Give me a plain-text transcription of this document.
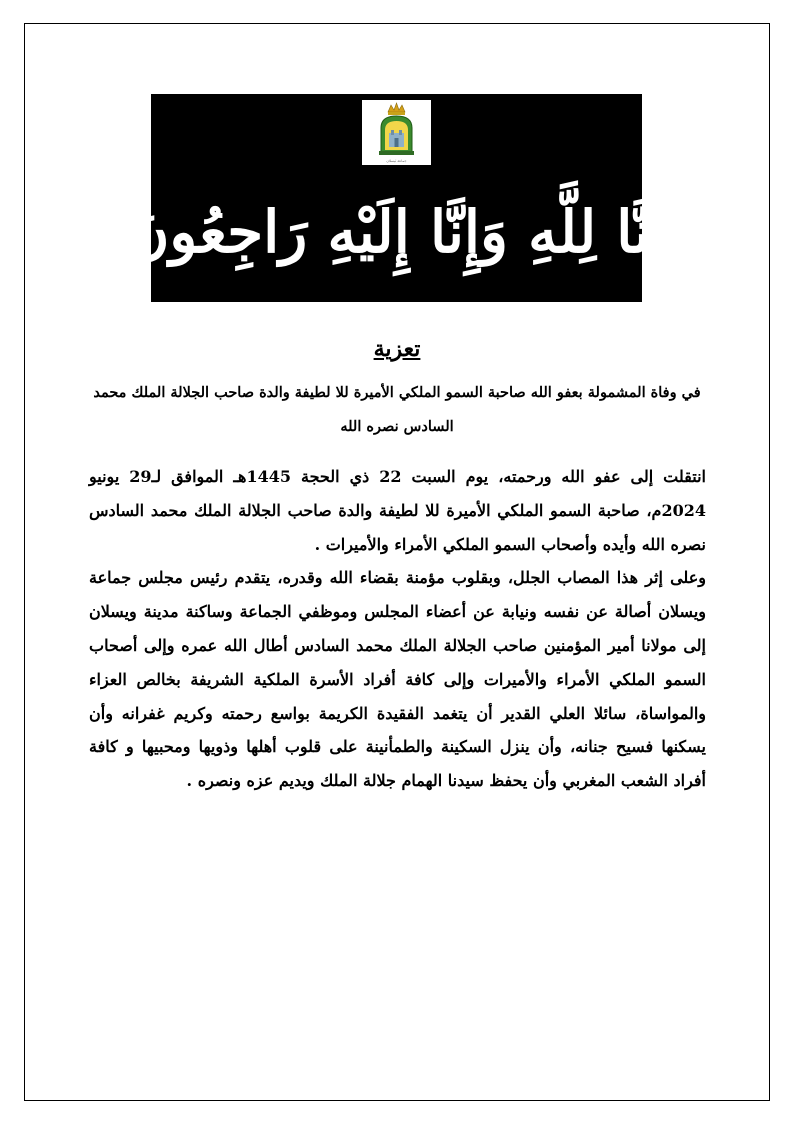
جماعة ٽيسلان
إِنَّا لِلَّهِ وَإِنَّا إِلَيْهِ رَاجِعُونَ
تعزية
في وفاة المشمولة بعفو الله صاحبة السمو الملكي الأميرة للا لطيفة والدة صاحب الجلالة الملك محمد السادس نصره الله

انتقلت إلى عفو الله ورحمته، يوم السبت 22 ذي الحجة 1445هـ الموافق لـ29 يونيو 2024م، صاحبة السمو الملكي الأميرة للا لطيفة والدة صاحب الجلالة الملك محمد السادس نصره الله وأيده وأصحاب السمو الملكي الأمراء والأميرات .

وعلى إثر هذا المصاب الجلل، وبقلوب مؤمنة بقضاء الله وقدره، يتقدم رئيس مجلس جماعة ويسلان أصالة عن نفسه ونيابة عن أعضاء المجلس وموظفي الجماعة وساكنة مدينة ويسلان إلى مولانا أمير المؤمنين صاحب الجلالة الملك محمد السادس أطال الله عمره وإلى أصحاب السمو الملكي الأمراء والأميرات وإلى كافة أفراد الأسرة الملكية الشريفة بخالص العزاء والمواساة، سائلا العلي القدير أن يتغمد الفقيدة الكريمة بواسع رحمته وكريم غفرانه وأن يسكنها فسيح جنانه، وأن ينزل السكينة والطمأنينة على قلوب أهلها وذويها ومحبيها و كافة أفراد الشعب المغربي وأن يحفظ سيدنا الهمام جلالة الملك ويديم عزه ونصره .
